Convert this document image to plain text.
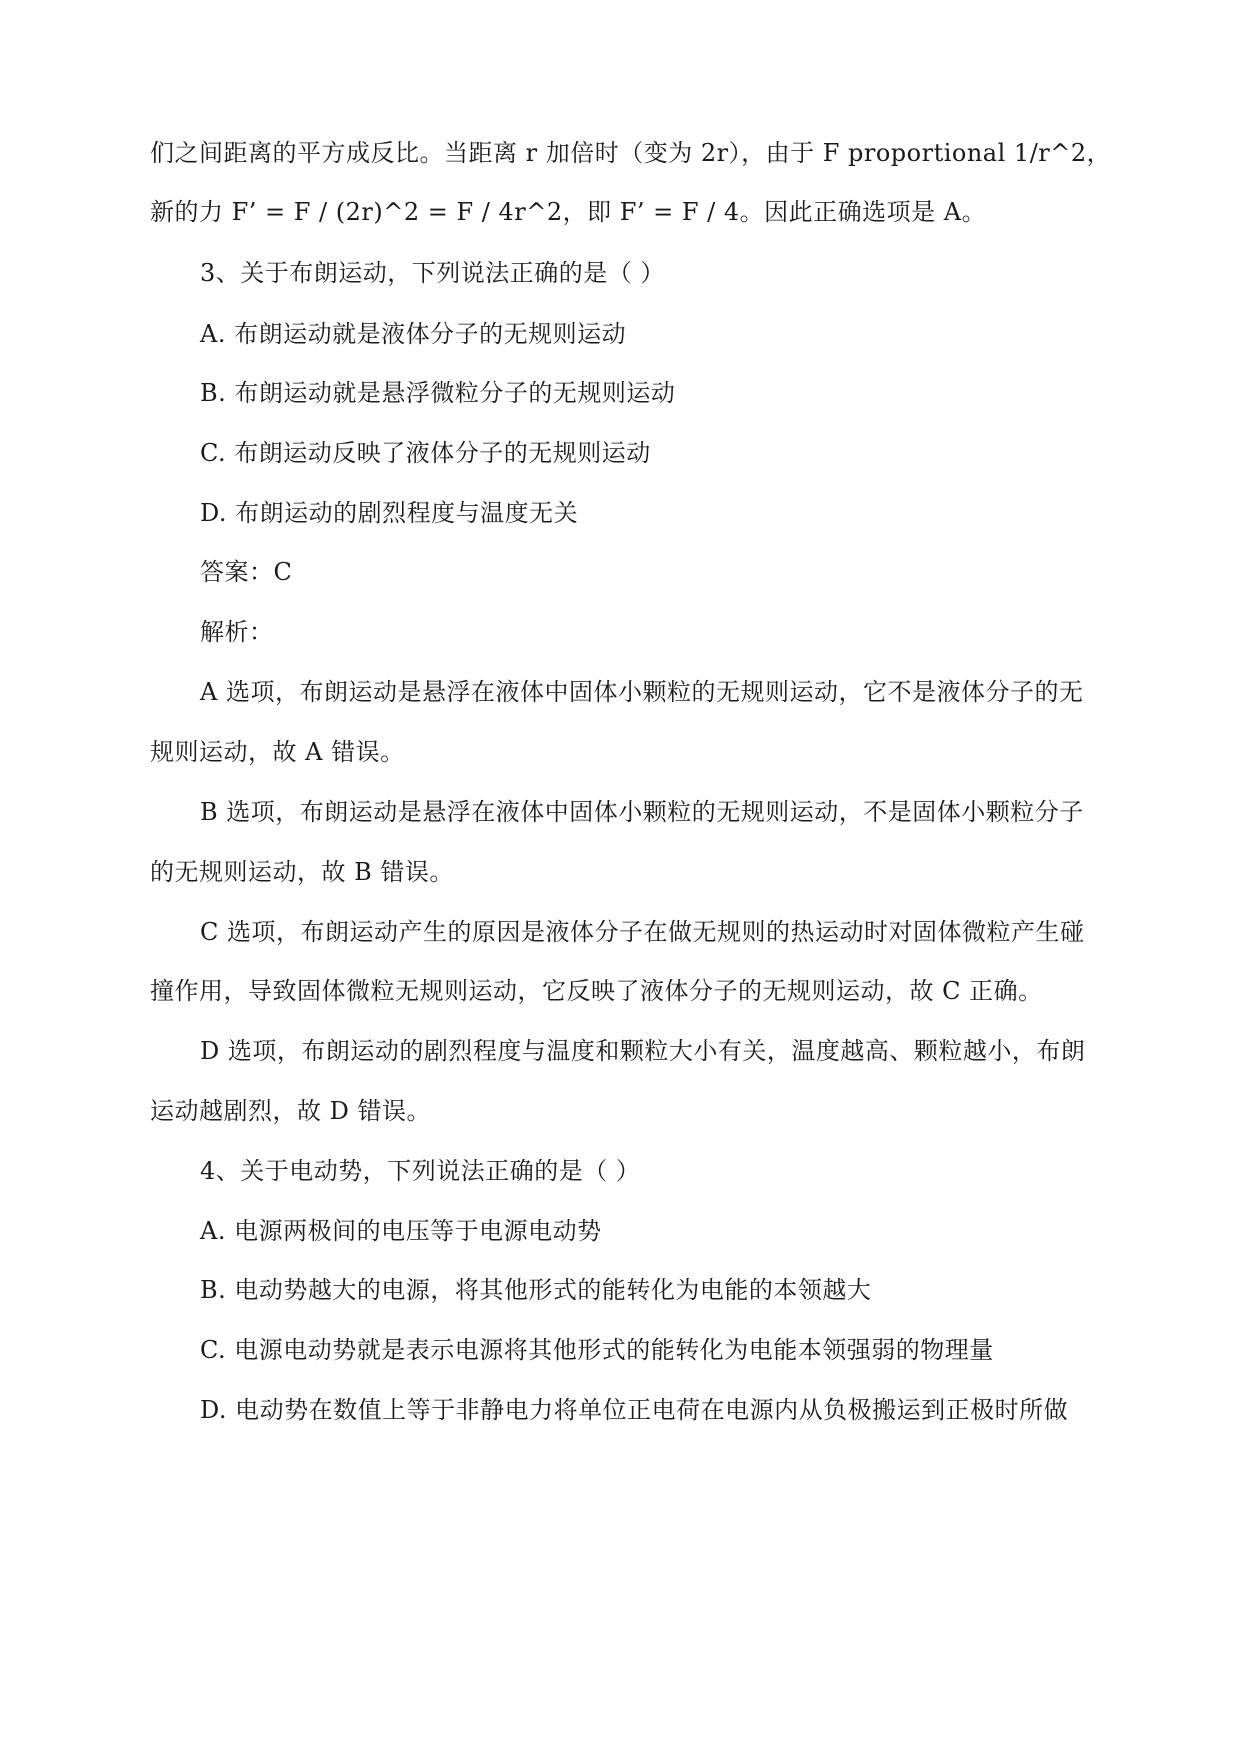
们之间距离的平方成反比。当距离 r 加倍时（变为 2r），由于 F proportional 1/r^2，
新的力 F’ = F / (2r)^2 = F / 4r^2，即 F’ = F / 4。因此正确选项是 A。
3、关于布朗运动，下列说法正确的是（ ）
A. 布朗运动就是液体分子的无规则运动
B. 布朗运动就是悬浮微粒分子的无规则运动
C. 布朗运动反映了液体分子的无规则运动
D. 布朗运动的剧烈程度与温度无关
答案：C
解析：
A 选项，布朗运动是悬浮在液体中固体小颗粒的无规则运动，它不是液体分子的无
规则运动，故 A 错误。
B 选项，布朗运动是悬浮在液体中固体小颗粒的无规则运动，不是固体小颗粒分子
的无规则运动，故 B 错误。
C 选项，布朗运动产生的原因是液体分子在做无规则的热运动时对固体微粒产生碰
撞作用，导致固体微粒无规则运动，它反映了液体分子的无规则运动，故 C 正确。
D 选项，布朗运动的剧烈程度与温度和颗粒大小有关，温度越高、颗粒越小，布朗
运动越剧烈，故 D 错误。
4、关于电动势，下列说法正确的是（ ）
A. 电源两极间的电压等于电源电动势
B. 电动势越大的电源，将其他形式的能转化为电能的本领越大
C. 电源电动势就是表示电源将其他形式的能转化为电能本领强弱的物理量
D. 电动势在数值上等于非静电力将单位正电荷在电源内从负极搬运到正极时所做
